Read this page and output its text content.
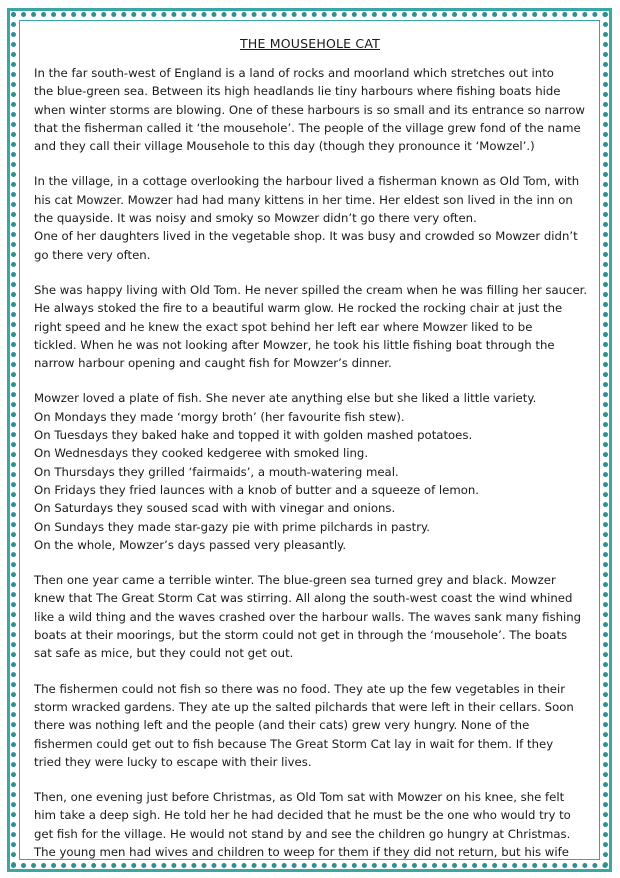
THE MOUSEHOLE CAT
In the far south-west of England is a land of rocks and moorland which stretches out into
the blue-green sea. Between its high headlands lie tiny harbours where fishing boats hide
when winter storms are blowing. One of these harbours is so small and its entrance so narrow
that the fisherman called it ‘the mousehole’. The people of the village grew fond of the name
and they call their village Mousehole to this day (though they pronounce it ‘Mowzel’.)
In the village, in a cottage overlooking the harbour lived a fisherman known as Old Tom, with
his cat Mowzer. Mowzer had had many kittens in her time. Her eldest son lived in the inn on
the quayside. It was noisy and smoky so Mowzer didn’t go there very often.
One of her daughters lived in the vegetable shop. It was busy and crowded so Mowzer didn’t
go there very often.
She was happy living with Old Tom. He never spilled the cream when he was filling her saucer.
He always stoked the fire to a beautiful warm glow. He rocked the rocking chair at just the
right speed and he knew the exact spot behind her left ear where Mowzer liked to be
tickled. When he was not looking after Mowzer, he took his little fishing boat through the
narrow harbour opening and caught fish for Mowzer’s dinner.
Mowzer loved a plate of fish. She never ate anything else but she liked a little variety.
On Mondays they made ‘morgy broth’ (her favourite fish stew).
On Tuesdays they baked hake and topped it with golden mashed potatoes.
On Wednesdays they cooked kedgeree with smoked ling.
On Thursdays they grilled ‘fairmaids’, a mouth-watering meal.
On Fridays they fried launces with a knob of butter and a squeeze of lemon.
On Saturdays they soused scad with with vinegar and onions.
On Sundays they made star-gazy pie with prime pilchards in pastry.
On the whole, Mowzer’s days passed very pleasantly.
Then one year came a terrible winter. The blue-green sea turned grey and black. Mowzer
knew that The Great Storm Cat was stirring. All along the south-west coast the wind whined
like a wild thing and the waves crashed over the harbour walls. The waves sank many fishing
boats at their moorings, but the storm could not get in through the ‘mousehole’. The boats
sat safe as mice, but they could not get out.
The fishermen could not fish so there was no food. They ate up the few vegetables in their
storm wracked gardens. They ate up the salted pilchards that were left in their cellars. Soon
there was nothing left and the people (and their cats) grew very hungry. None of the
fishermen could get out to fish because The Great Storm Cat lay in wait for them. If they
tried they were lucky to escape with their lives.
Then, one evening just before Christmas, as Old Tom sat with Mowzer on his knee, she felt
him take a deep sigh. He told her he had decided that he must be the one who would try to
get fish for the village. He would not stand by and see the children go hungry at Christmas.
The young men had wives and children to weep for them if they did not return, but his wife
